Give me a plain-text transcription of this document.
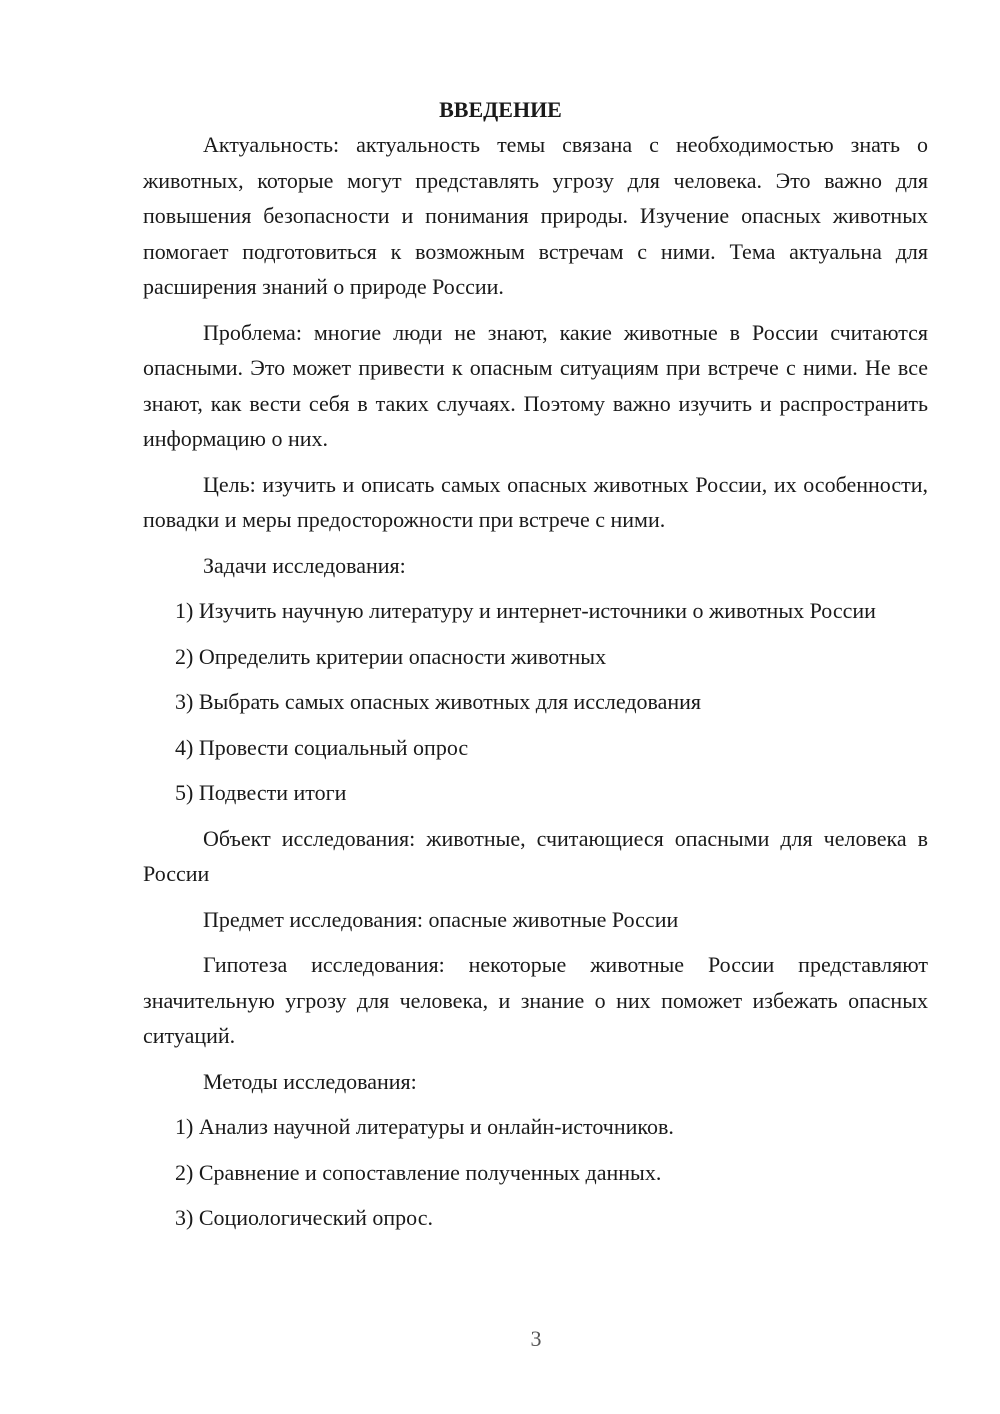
ВВЕДЕНИЕ

Актуальность: актуальность темы связана с необходимостью знать о животных, которые могут представлять угрозу для человека. Это важно для повышения безопасности и понимания природы. Изучение опасных животных помогает подготовиться к возможным встречам с ними. Тема актуальна для расширения знаний о природе России.

Проблема: многие люди не знают, какие животные в России считаются опасными. Это может привести к опасным ситуациям при встрече с ними. Не все знают, как вести себя в таких случаях. Поэтому важно изучить и распространить информацию о них.

Цель: изучить и описать самых опасных животных России, их особенности, повадки и меры предосторожности при встрече с ними.

Задачи исследования:

1) Изучить научную литературу и интернет-источники о животных России

2) Определить критерии опасности животных

3) Выбрать самых опасных животных для исследования

4) Провести социальный опрос

5) Подвести итоги

Объект исследования: животные, считающиеся опасными для человека в России

Предмет исследования: опасные животные России

Гипотеза исследования: некоторые животные России представляют значительную угрозу для человека, и знание о них поможет избежать опасных ситуаций.

Методы исследования:

1) Анализ научной литературы и онлайн-источников.

2) Сравнение и сопоставление полученных данных.

3) Социологический опрос.

3
